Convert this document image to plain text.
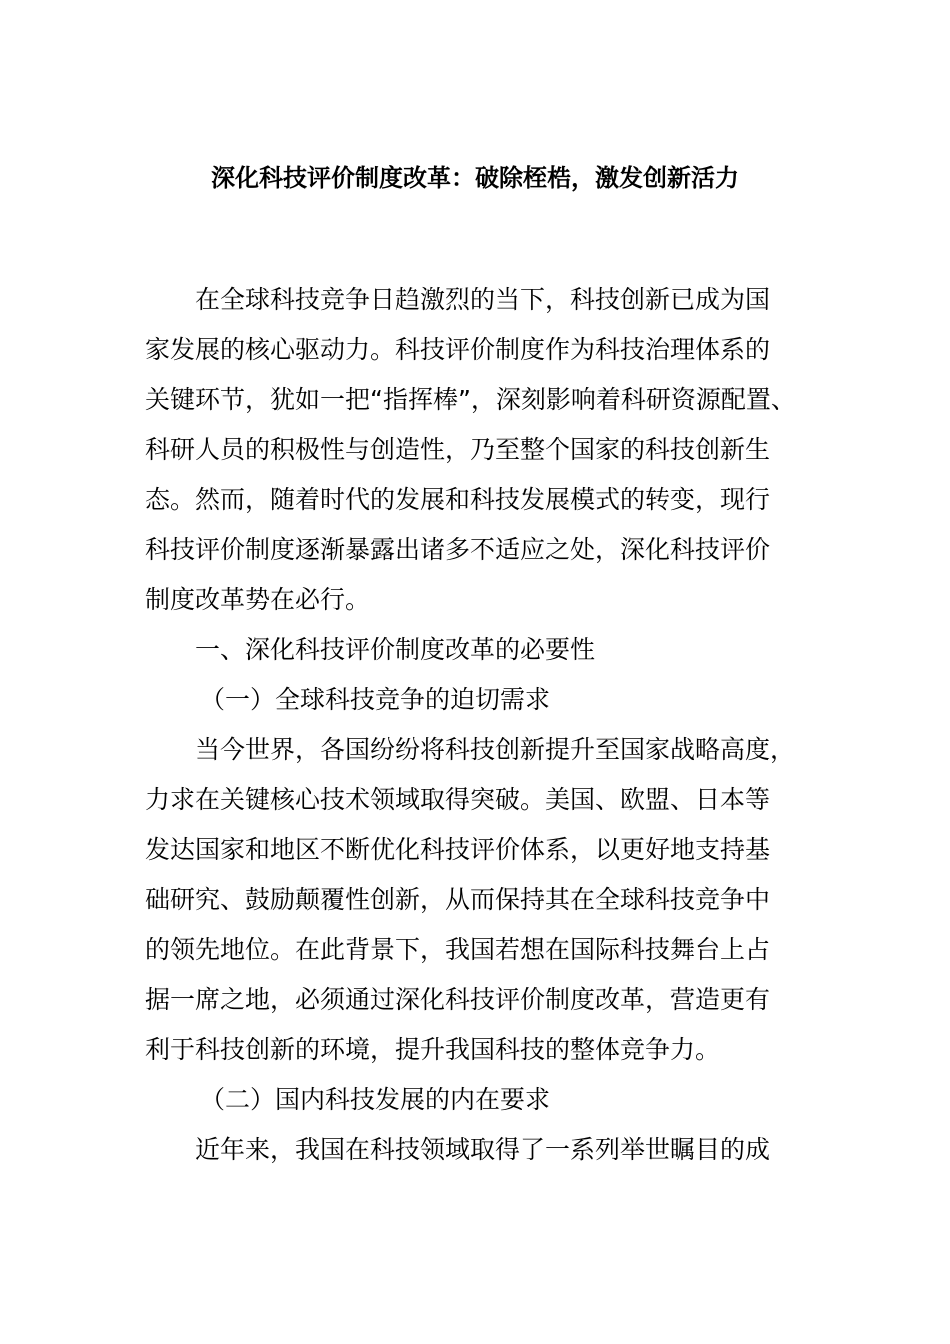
深化科技评价制度改革：破除桎梏，激发创新活力
在全球科技竞争日趋激烈的当下，科技创新已成为国
家发展的核心驱动力。科技评价制度作为科技治理体系的
关键环节，犹如一把“指挥棒”，深刻影响着科研资源配置、
科研人员的积极性与创造性，乃至整个国家的科技创新生
态。然而，随着时代的发展和科技发展模式的转变，现行
科技评价制度逐渐暴露出诸多不适应之处，深化科技评价
制度改革势在必行。
一、深化科技评价制度改革的必要性
（一）全球科技竞争的迫切需求
当今世界，各国纷纷将科技创新提升至国家战略高度，
力求在关键核心技术领域取得突破。美国、欧盟、日本等
发达国家和地区不断优化科技评价体系，以更好地支持基
础研究、鼓励颠覆性创新，从而保持其在全球科技竞争中
的领先地位。在此背景下，我国若想在国际科技舞台上占
据一席之地，必须通过深化科技评价制度改革，营造更有
利于科技创新的环境，提升我国科技的整体竞争力。
（二）国内科技发展的内在要求
近年来，我国在科技领域取得了一系列举世瞩目的成
